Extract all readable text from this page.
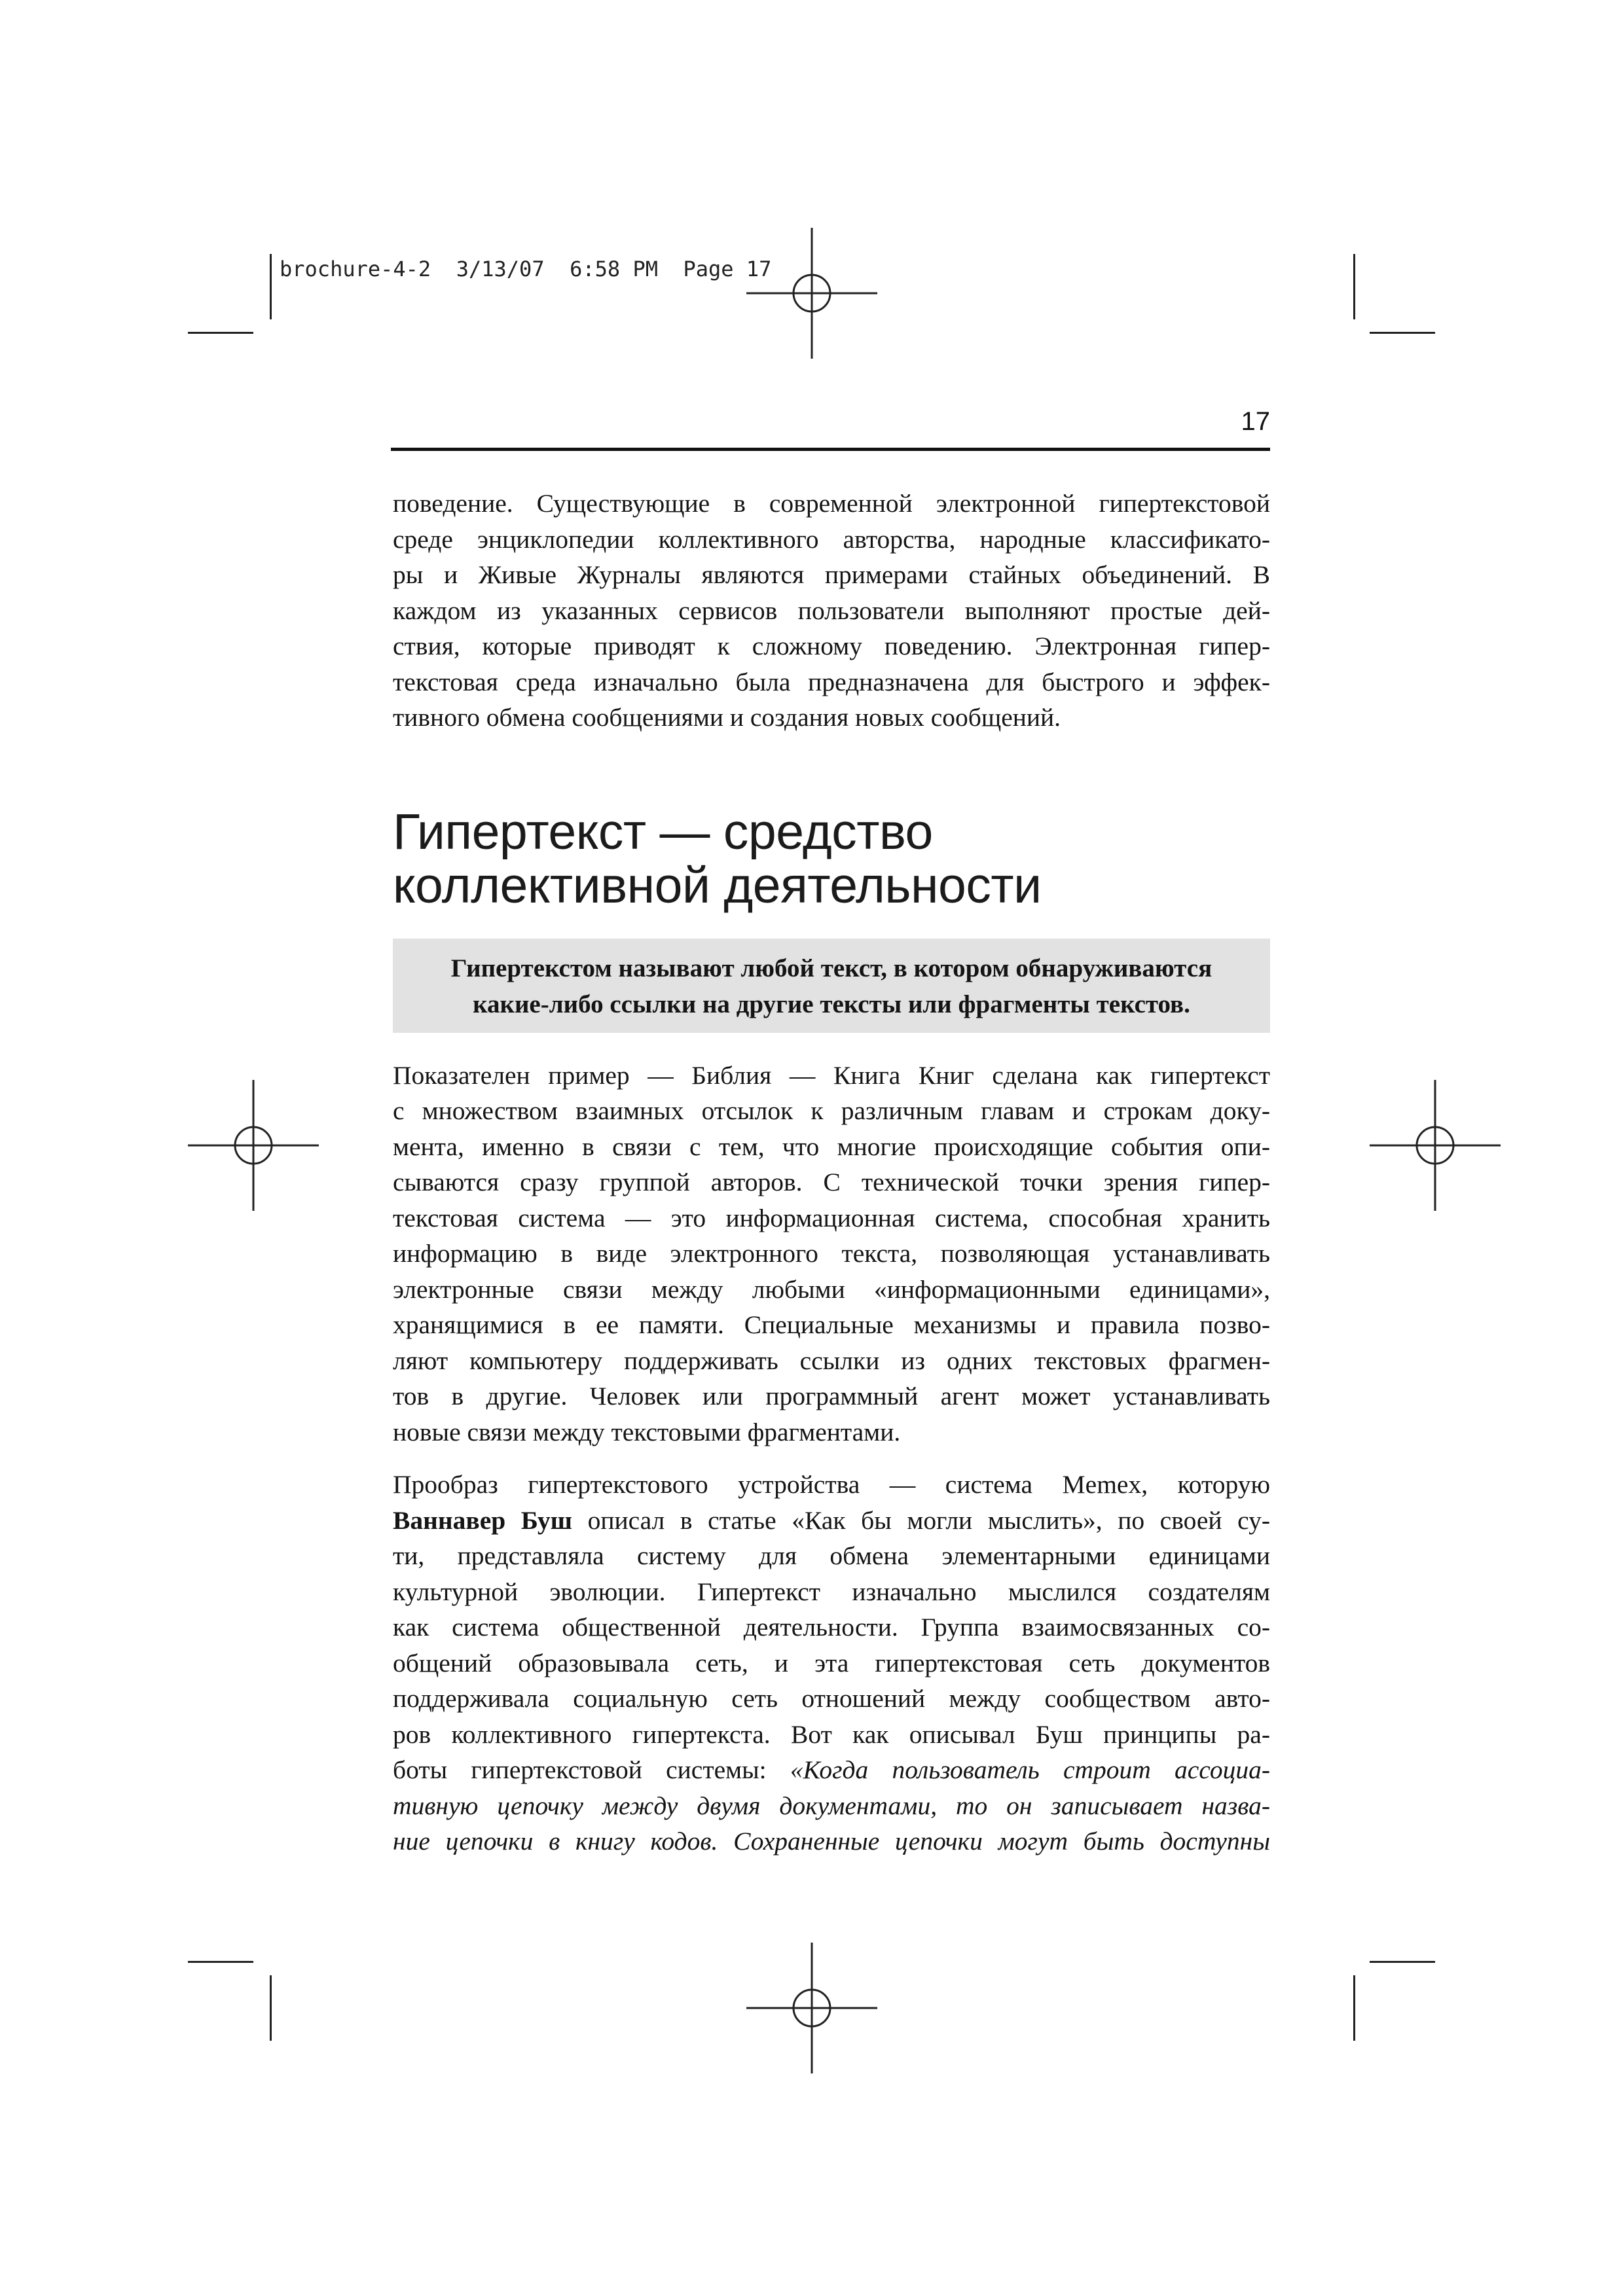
brochure-4-2  3/13/07  6:58 PM  Page 17
17

поведение. Существующие в современной электронной гипертекстовой
среде энциклопедии коллективного авторства, народные классификато-
ры и Живые Журналы являются примерами стайных объединений. В
каждом из указанных сервисов пользователи выполняют простые дей-
ствия, которые приводят к сложному поведению. Электронная гипер-
текстовая среда изначально была предназначена для быстрого и эффек-
тивного обмена сообщениями и создания новых сообщений.

Гипертекст — средство
коллективной деятельности
Гипертекстом называют любой текст, в котором обнаруживаются
какие-либо ссылки на другие тексты или фрагменты текстов.

Показателен пример — Библия — Книга Книг сделана как гипертекст
с множеством взаимных отсылок к различным главам и строкам доку-
мента, именно в связи с тем, что многие происходящие события опи-
сываются сразу группой авторов. С технической точки зрения гипер-
текстовая система — это информационная система, способная хранить
информацию в виде электронного текста, позволяющая устанавливать
электронные связи между любыми «информационными единицами»,
хранящимися в ее памяти. Специальные механизмы и правила позво-
ляют компьютеру поддерживать ссылки из одних текстовых фрагмен-
тов в другие. Человек или программный агент может устанавливать
новые связи между текстовыми фрагментами.

Прообраз гипертекстового устройства — система Memex, которую
Ваннавер Буш описал в статье «Как бы могли мыслить», по своей су-
ти, представляла систему для обмена элементарными единицами
культурной эволюции. Гипертекст изначально мыслился создателям
как система общественной деятельности. Группа взаимосвязанных со-
общений образовывала сеть, и эта гипертекстовая сеть документов
поддерживала социальную сеть отношений между сообществом авто-
ров коллективного гипертекста. Вот как описывал Буш принципы ра-
боты гипертекстовой системы: «Когда пользователь строит ассоциа-
тивную цепочку между двумя документами, то он записывает назва-
ние цепочки в книгу кодов. Сохраненные цепочки могут быть доступны
